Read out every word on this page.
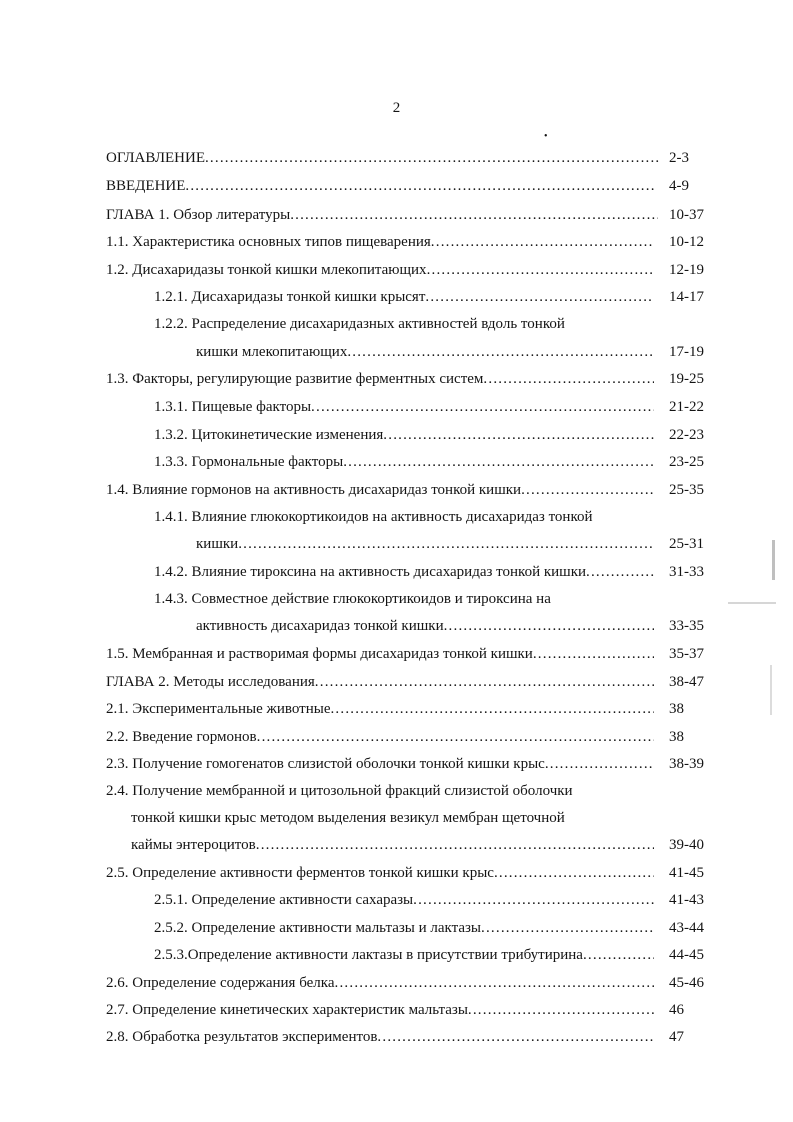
2
•
ОГЛАВЛЕНИЕ .....	2-3
ВВЕДЕНИЕ .....	4-9
ГЛАВА 1. Обзор литературы .....	10-37
1.1. Характеристика основных типов пищеварения .....	10-12
1.2. Дисахаридазы тонкой кишки млекопитающих .....	12-19
1.2.1. Дисахаридазы тонкой кишки крысят .....	14-17
1.2.2. Распределение дисахаридазных активностей вдоль тонкой
кишки млекопитающих .....	17-19
1.3. Факторы, регулирующие развитие ферментных систем .....	19-25
1.3.1. Пищевые факторы .....	21-22
1.3.2. Цитокинетические изменения .....	22-23
1.3.3. Гормональные факторы .....	23-25
1.4. Влияние гормонов на активность дисахаридаз тонкой кишки .....	25-35
1.4.1. Влияние глюкокортикоидов на активность дисахаридаз тонкой
кишки .....	25-31
1.4.2. Влияние тироксина на активность дисахаридаз тонкой кишки .....	31-33
1.4.3. Совместное действие глюкокортикоидов и тироксина на
активность дисахаридаз тонкой кишки .....	33-35
1.5. Мембранная и растворимая формы дисахаридаз тонкой кишки .....	35-37
ГЛАВА 2. Методы исследования .....	38-47
2.1. Экспериментальные животные .....	38
2.2. Введение гормонов .....	38
2.3. Получение гомогенатов слизистой оболочки тонкой кишки крыс .....	38-39
2.4. Получение мембранной и цитозольной фракций слизистой оболочки
тонкой кишки крыс методом выделения везикул мембран щеточной
каймы энтероцитов .....	39-40
2.5. Определение активности ферментов тонкой кишки крыс .....	41-45
2.5.1. Определение активности сахаразы .....	41-43
2.5.2. Определение активности мальтазы и лактазы .....	43-44
2.5.3.Определение активности лактазы в присутствии трибутирина .....	44-45
2.6. Определение содержания белка .....	45-46
2.7. Определение кинетических характеристик мальтазы .....	46
2.8. Обработка результатов экспериментов .....	47
